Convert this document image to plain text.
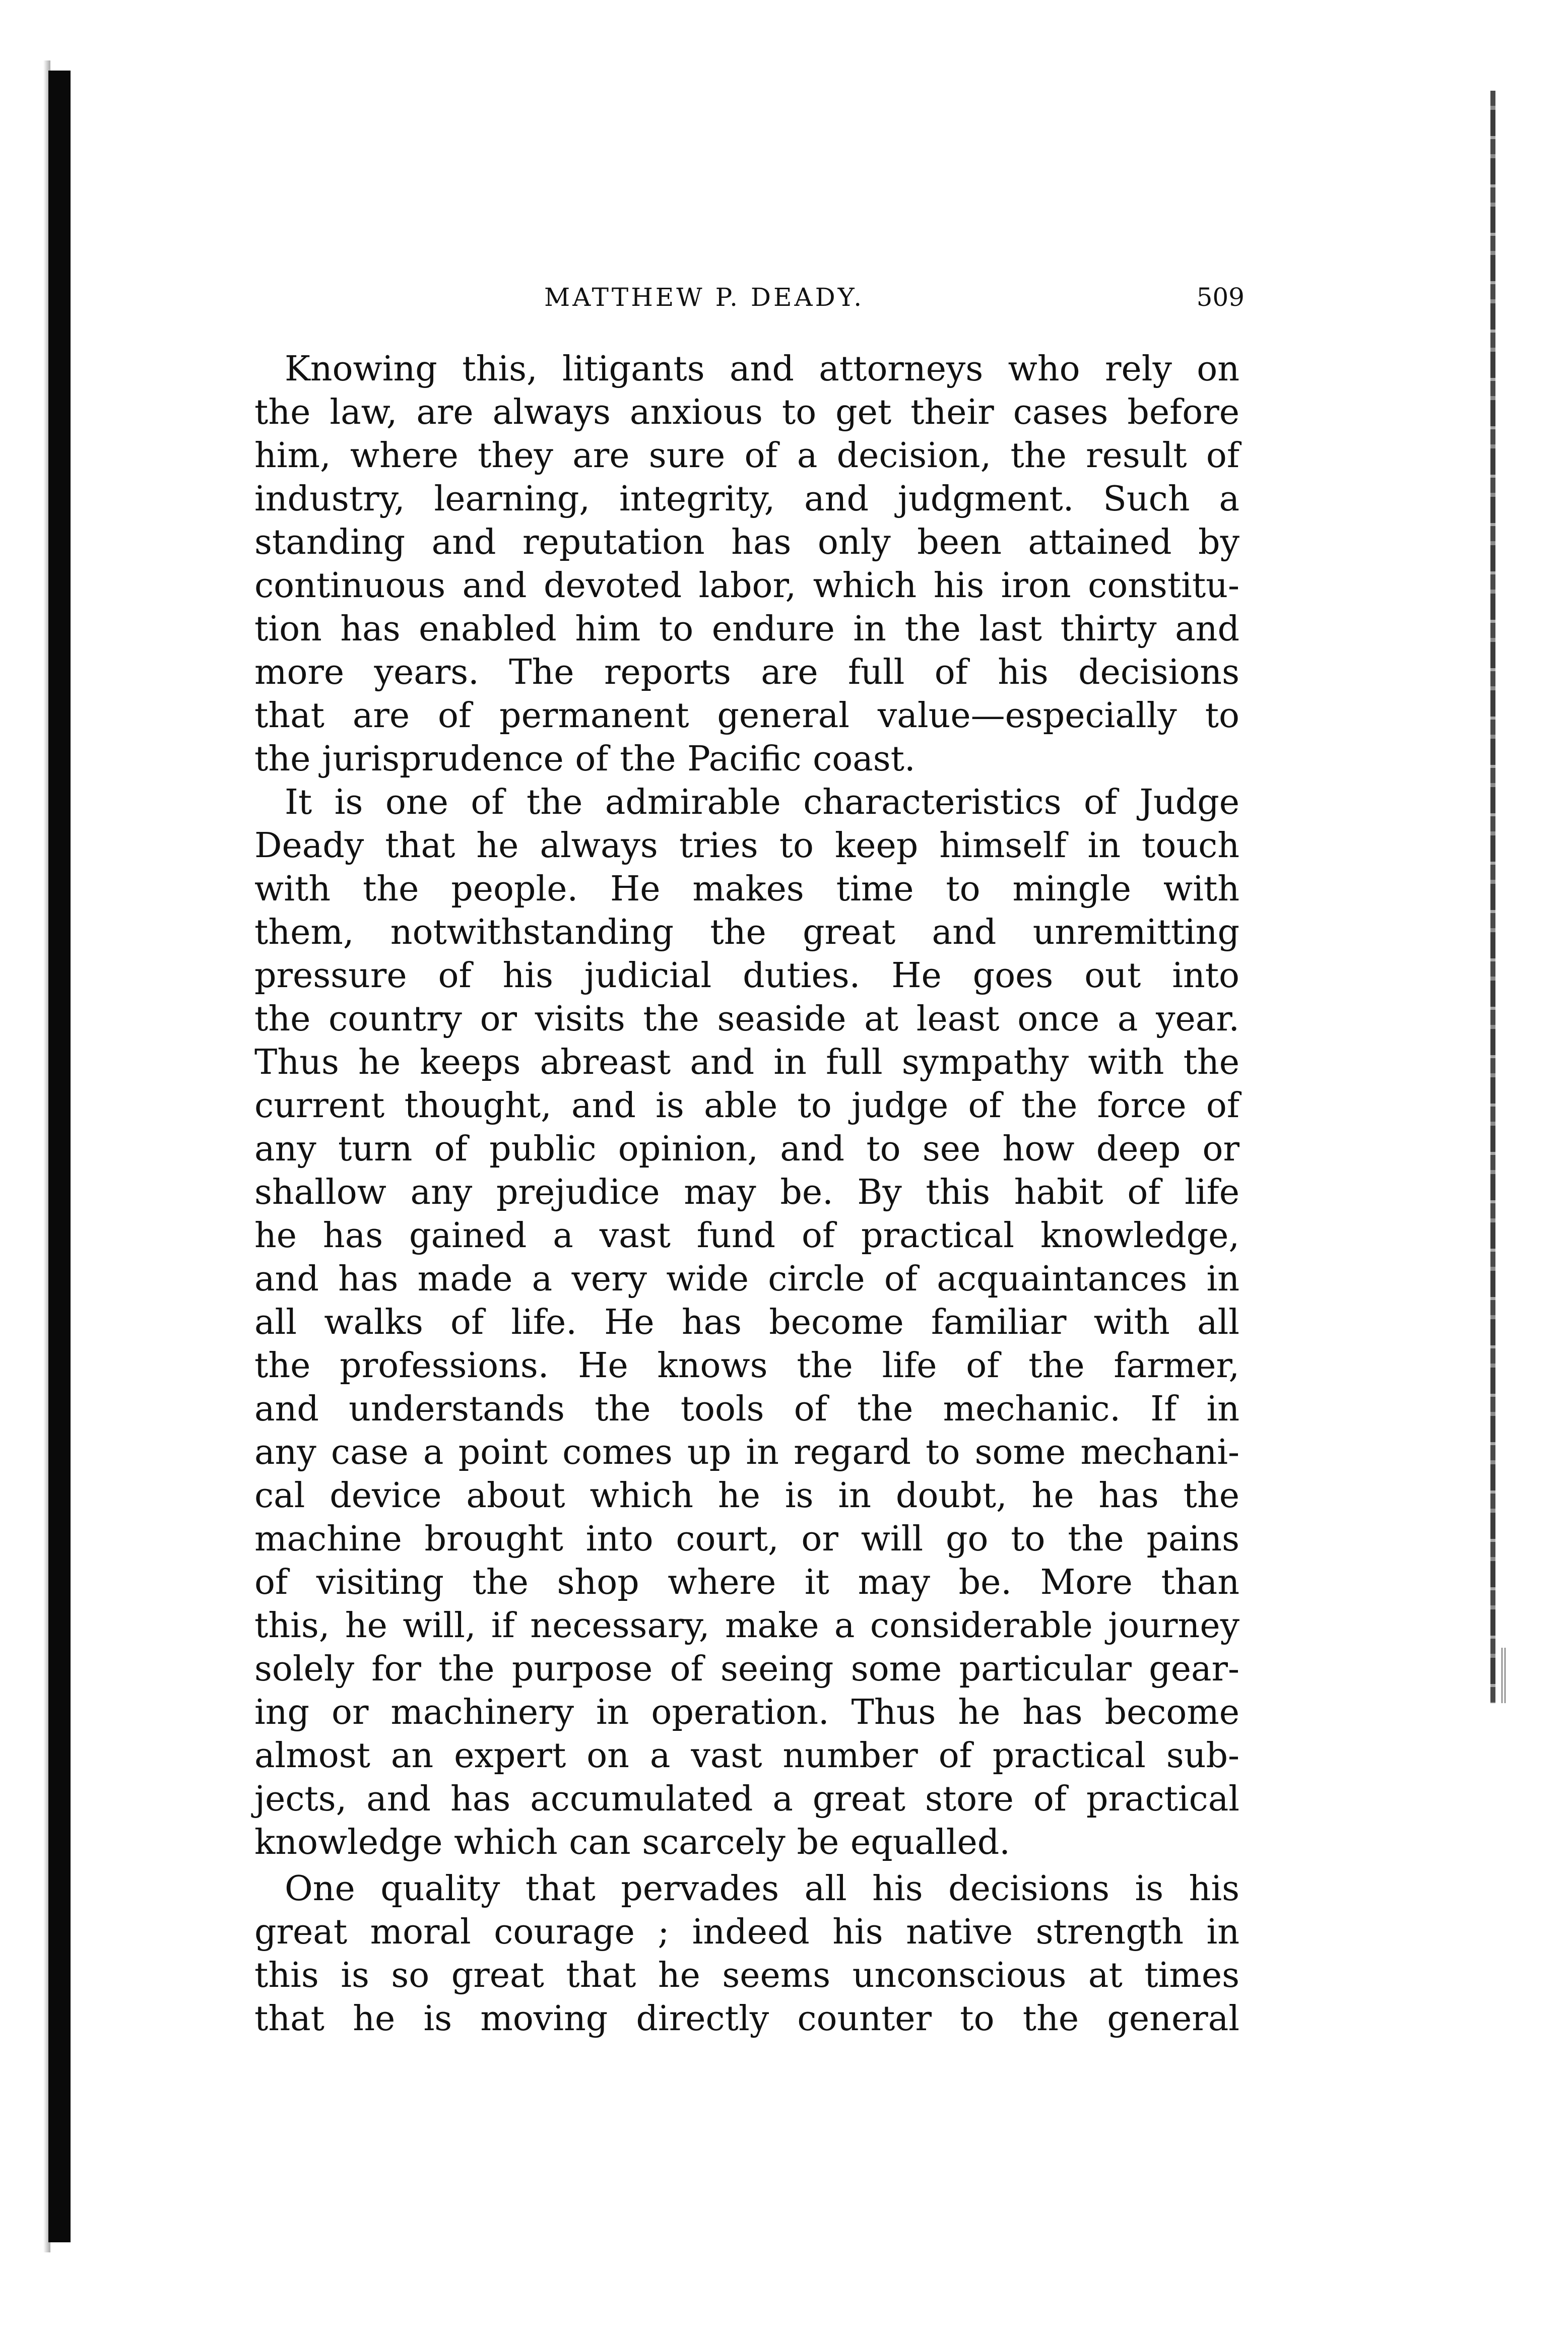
MATTHEW P. DEADY.	509
Knowing this, litigants and attorneys who rely on
the law, are always anxious to get their cases before
him, where they are sure of a decision, the result of
industry, learning, integrity, and judgment. Such a
standing and reputation has only been attained by
continuous and devoted labor, which his iron constitu-
tion has enabled him to endure in the last thirty and
more years. The reports are full of his decisions
that are of permanent general value—especially to
the jurisprudence of the Pacific coast.
It is one of the admirable characteristics of Judge
Deady that he always tries to keep himself in touch
with the people. He makes time to mingle with
them, notwithstanding the great and unremitting
pressure of his judicial duties. He goes out into
the country or visits the seaside at least once a year.
Thus he keeps abreast and in full sympathy with the
current thought, and is able to judge of the force of
any turn of public opinion, and to see how deep or
shallow any prejudice may be. By this habit of life
he has gained a vast fund of practical knowledge,
and has made a very wide circle of acquaintances in
all walks of life. He has become familiar with all
the professions. He knows the life of the farmer,
and understands the tools of the mechanic. If in
any case a point comes up in regard to some mechani-
cal device about which he is in doubt, he has the
machine brought into court, or will go to the pains
of visiting the shop where it may be. More than
this, he will, if necessary, make a considerable journey
solely for the purpose of seeing some particular gear-
ing or machinery in operation. Thus he has become
almost an expert on a vast number of practical sub-
jects, and has accumulated a great store of practical
knowledge which can scarcely be equalled.
One quality that pervades all his decisions is his
great moral courage ; indeed his native strength in
this is so great that he seems unconscious at times
that he is moving directly counter to the general
